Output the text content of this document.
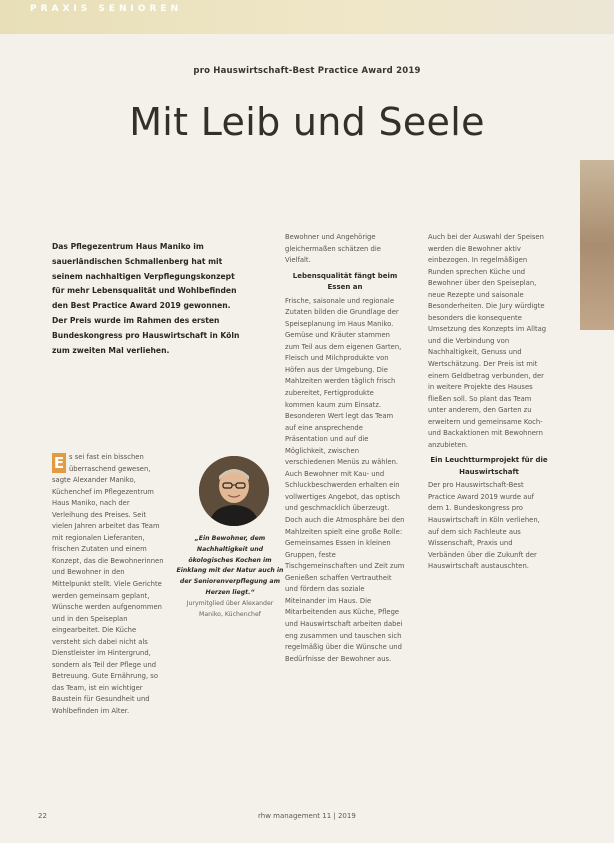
PRAXIS SENIOREN
pro Hauswirtschaft-Best Practice Award 2019
Mit Leib und Seele
Das Pflegezentrum Haus Maniko im sauerländischen Schmallenberg hat mit seinem nachhaltigen Verpflegungskonzept für mehr Lebensqualität und Wohlbefinden den Best Practice Award 2019 gewonnen. Der Preis wurde im Rahmen des ersten Bundeskongress pro Hauswirtschaft in Köln zum zweiten Mal verliehen.
E s sei fast ein bisschen überraschend gewesen, sagte Alexander Maniko, Küchenchef im Pflegezentrum Haus Maniko, nach der Verleihung des Preises. Seit vielen Jahren arbeitet das Team mit regionalen Lieferanten, frischen Zutaten und einem Konzept, das die Bewohnerinnen und Bewohner in den Mittelpunkt stellt. Viele Gerichte werden gemeinsam geplant, Wünsche werden aufgenommen und in den Speiseplan eingearbeitet. Die Küche versteht sich dabei nicht als Dienstleister im Hintergrund, sondern als Teil der Pflege und Betreuung. Gute Ernährung, so das Team, ist ein wichtiger Baustein für Gesundheit und Wohlbefinden im Alter.

„Ein Bewohner, dem Nachhaltigkeit und ökologisches Kochen im Einklang mit der Natur auch in der Seniorenverpflegung am Herzen liegt.“
Jurymitglied über Alexander Maniko, Küchenchef

Bewohner und Angehörige gleichermaßen schätzen die Vielfalt.

Lebensqualität fängt beim Essen an

Frische, saisonale und regionale Zutaten bilden die Grundlage der Speiseplanung im Haus Maniko. Gemüse und Kräuter stammen zum Teil aus dem eigenen Garten, Fleisch und Milchprodukte von Höfen aus der Umgebung. Die Mahlzeiten werden täglich frisch zubereitet, Fertigprodukte kommen kaum zum Einsatz. Besonderen Wert legt das Team auf eine ansprechende Präsentation und auf die Möglichkeit, zwischen verschiedenen Menüs zu wählen. Auch Bewohner mit Kau- und Schluckbeschwerden erhalten ein vollwertiges Angebot, das optisch und geschmacklich überzeugt. Doch auch die Atmosphäre bei den Mahlzeiten spielt eine große Rolle: Gemeinsames Essen in kleinen Gruppen, feste Tischgemeinschaften und Zeit zum Genießen schaffen Vertrautheit und fördern das soziale Miteinander im Haus. Die Mitarbeitenden aus Küche, Pflege und Hauswirtschaft arbeiten dabei eng zusammen und tauschen sich regelmäßig über die Wünsche und Bedürfnisse der Bewohner aus.

Auch bei der Auswahl der Speisen werden die Bewohner aktiv einbezogen. In regelmäßigen Runden sprechen Küche und Bewohner über den Speiseplan, neue Rezepte und saisonale Besonderheiten. Die Jury würdigte besonders die konsequente Umsetzung des Konzepts im Alltag und die Verbindung von Nachhaltigkeit, Genuss und Wertschätzung. Der Preis ist mit einem Geldbetrag verbunden, der in weitere Projekte des Hauses fließen soll. So plant das Team unter anderem, den Garten zu erweitern und gemeinsame Koch- und Backaktionen mit Bewohnern anzubieten.

Ein Leuchtturmprojekt für die Hauswirtschaft

Der pro Hauswirtschaft-Best Practice Award 2019 wurde auf dem 1. Bundeskongress pro Hauswirtschaft in Köln verliehen, auf dem sich Fachleute aus Wissenschaft, Praxis und Verbänden über die Zukunft der Hauswirtschaft austauschten.

22	rhw management 11 | 2019
